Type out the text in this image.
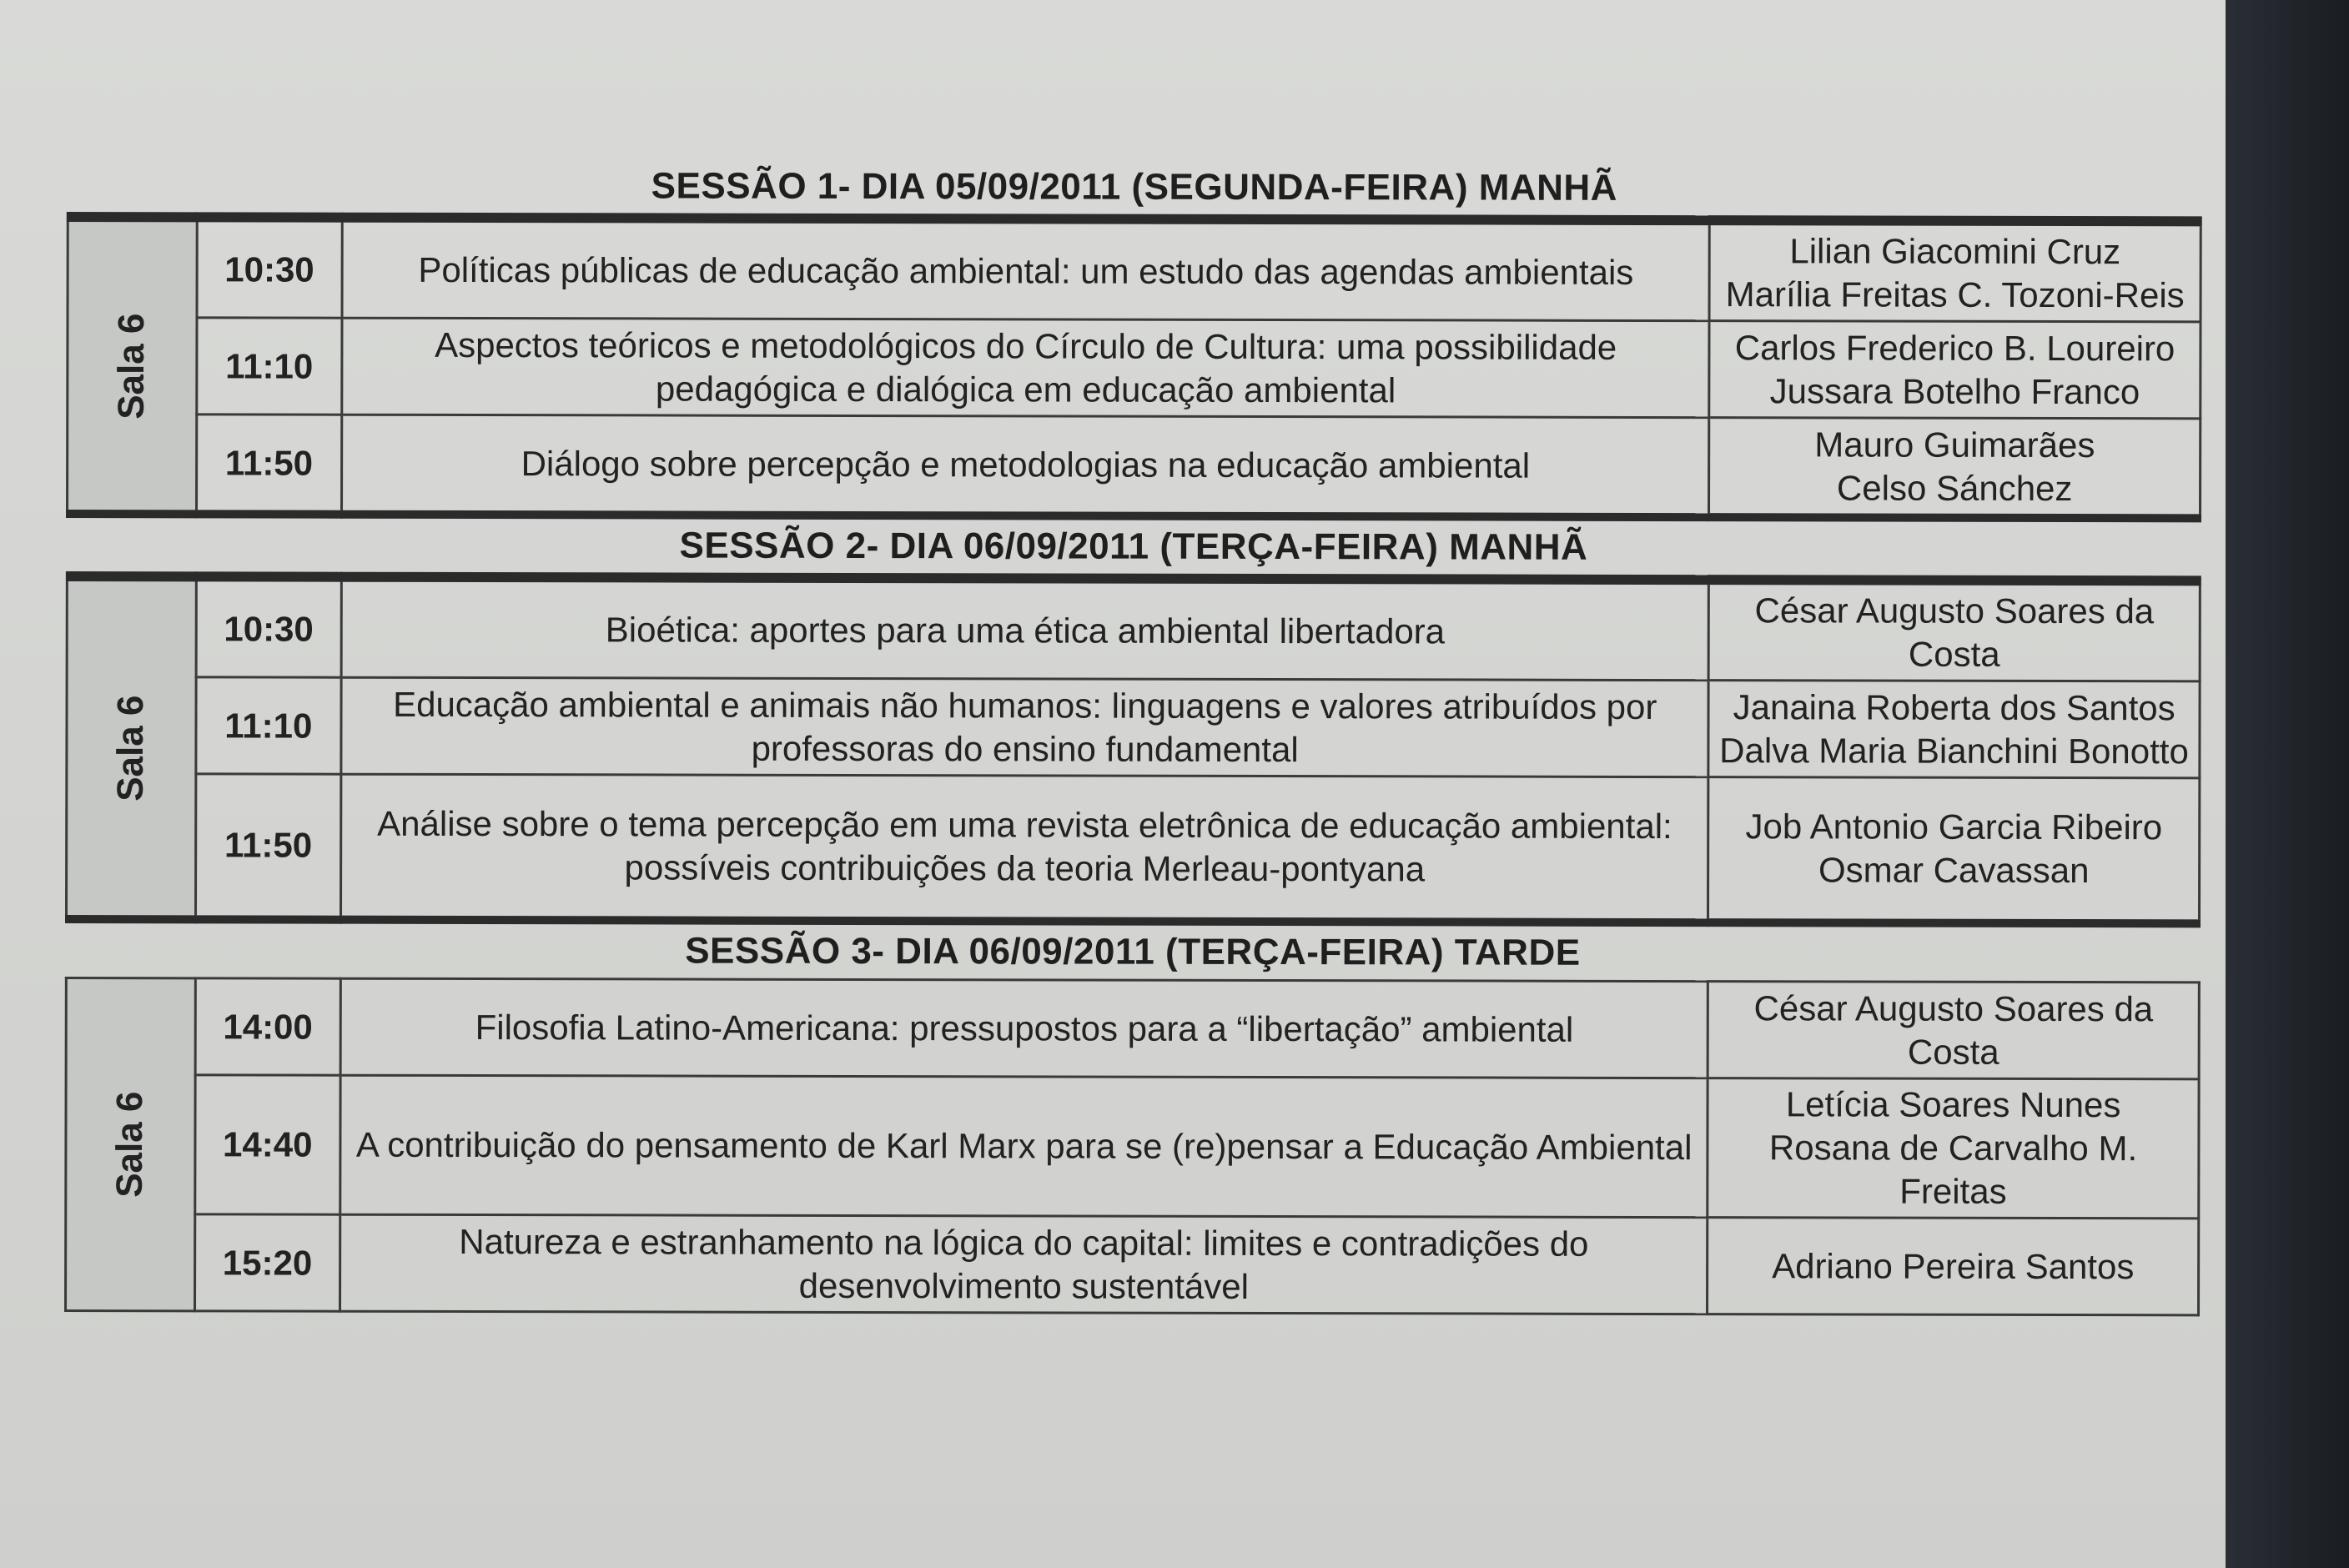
SESSÃO 1- DIA 05/09/2011 (SEGUNDA-FEIRA) MANHÃ
Sala 6	10:30	Políticas públicas de educação ambiental: um estudo das agendas ambientais	Lilian Giacomini Cruz
Marília Freitas C. Tozoni-Reis

	11:10	Aspectos teóricos e metodológicos do Círculo de Cultura: uma possibilidade pedagógica e dialógica em educação ambiental	Carlos Frederico B. Loureiro
Jussara Botelho Franco

	11:50	Diálogo sobre percepção e metodologias na educação ambiental	Mauro Guimarães
Celso Sánchez
SESSÃO 2- DIA 06/09/2011 (TERÇA-FEIRA) MANHÃ
Sala 6	10:30	Bioética: aportes para uma ética ambiental libertadora	César Augusto Soares da Costa

	11:10	Educação ambiental e animais não humanos: linguagens e valores atribuídos por professoras do ensino fundamental	Janaina Roberta dos Santos
Dalva Maria Bianchini Bonotto

	11:50	Análise sobre o tema percepção em uma revista eletrônica de educação ambiental: possíveis contribuições da teoria Merleau-pontyana	Job Antonio Garcia Ribeiro
Osmar Cavassan
SESSÃO 3- DIA 06/09/2011 (TERÇA-FEIRA) TARDE
Sala 6	14:00	Filosofia Latino-Americana: pressupostos para a “libertação” ambiental	César Augusto Soares da Costa

	14:40	A contribuição do pensamento de Karl Marx para se (re)pensar a Educação Ambiental	Letícia Soares Nunes
Rosana de Carvalho M. Freitas

	15:20	Natureza e estranhamento na lógica do capital: limites e contradições do desenvolvimento sustentável	Adriano Pereira Santos
